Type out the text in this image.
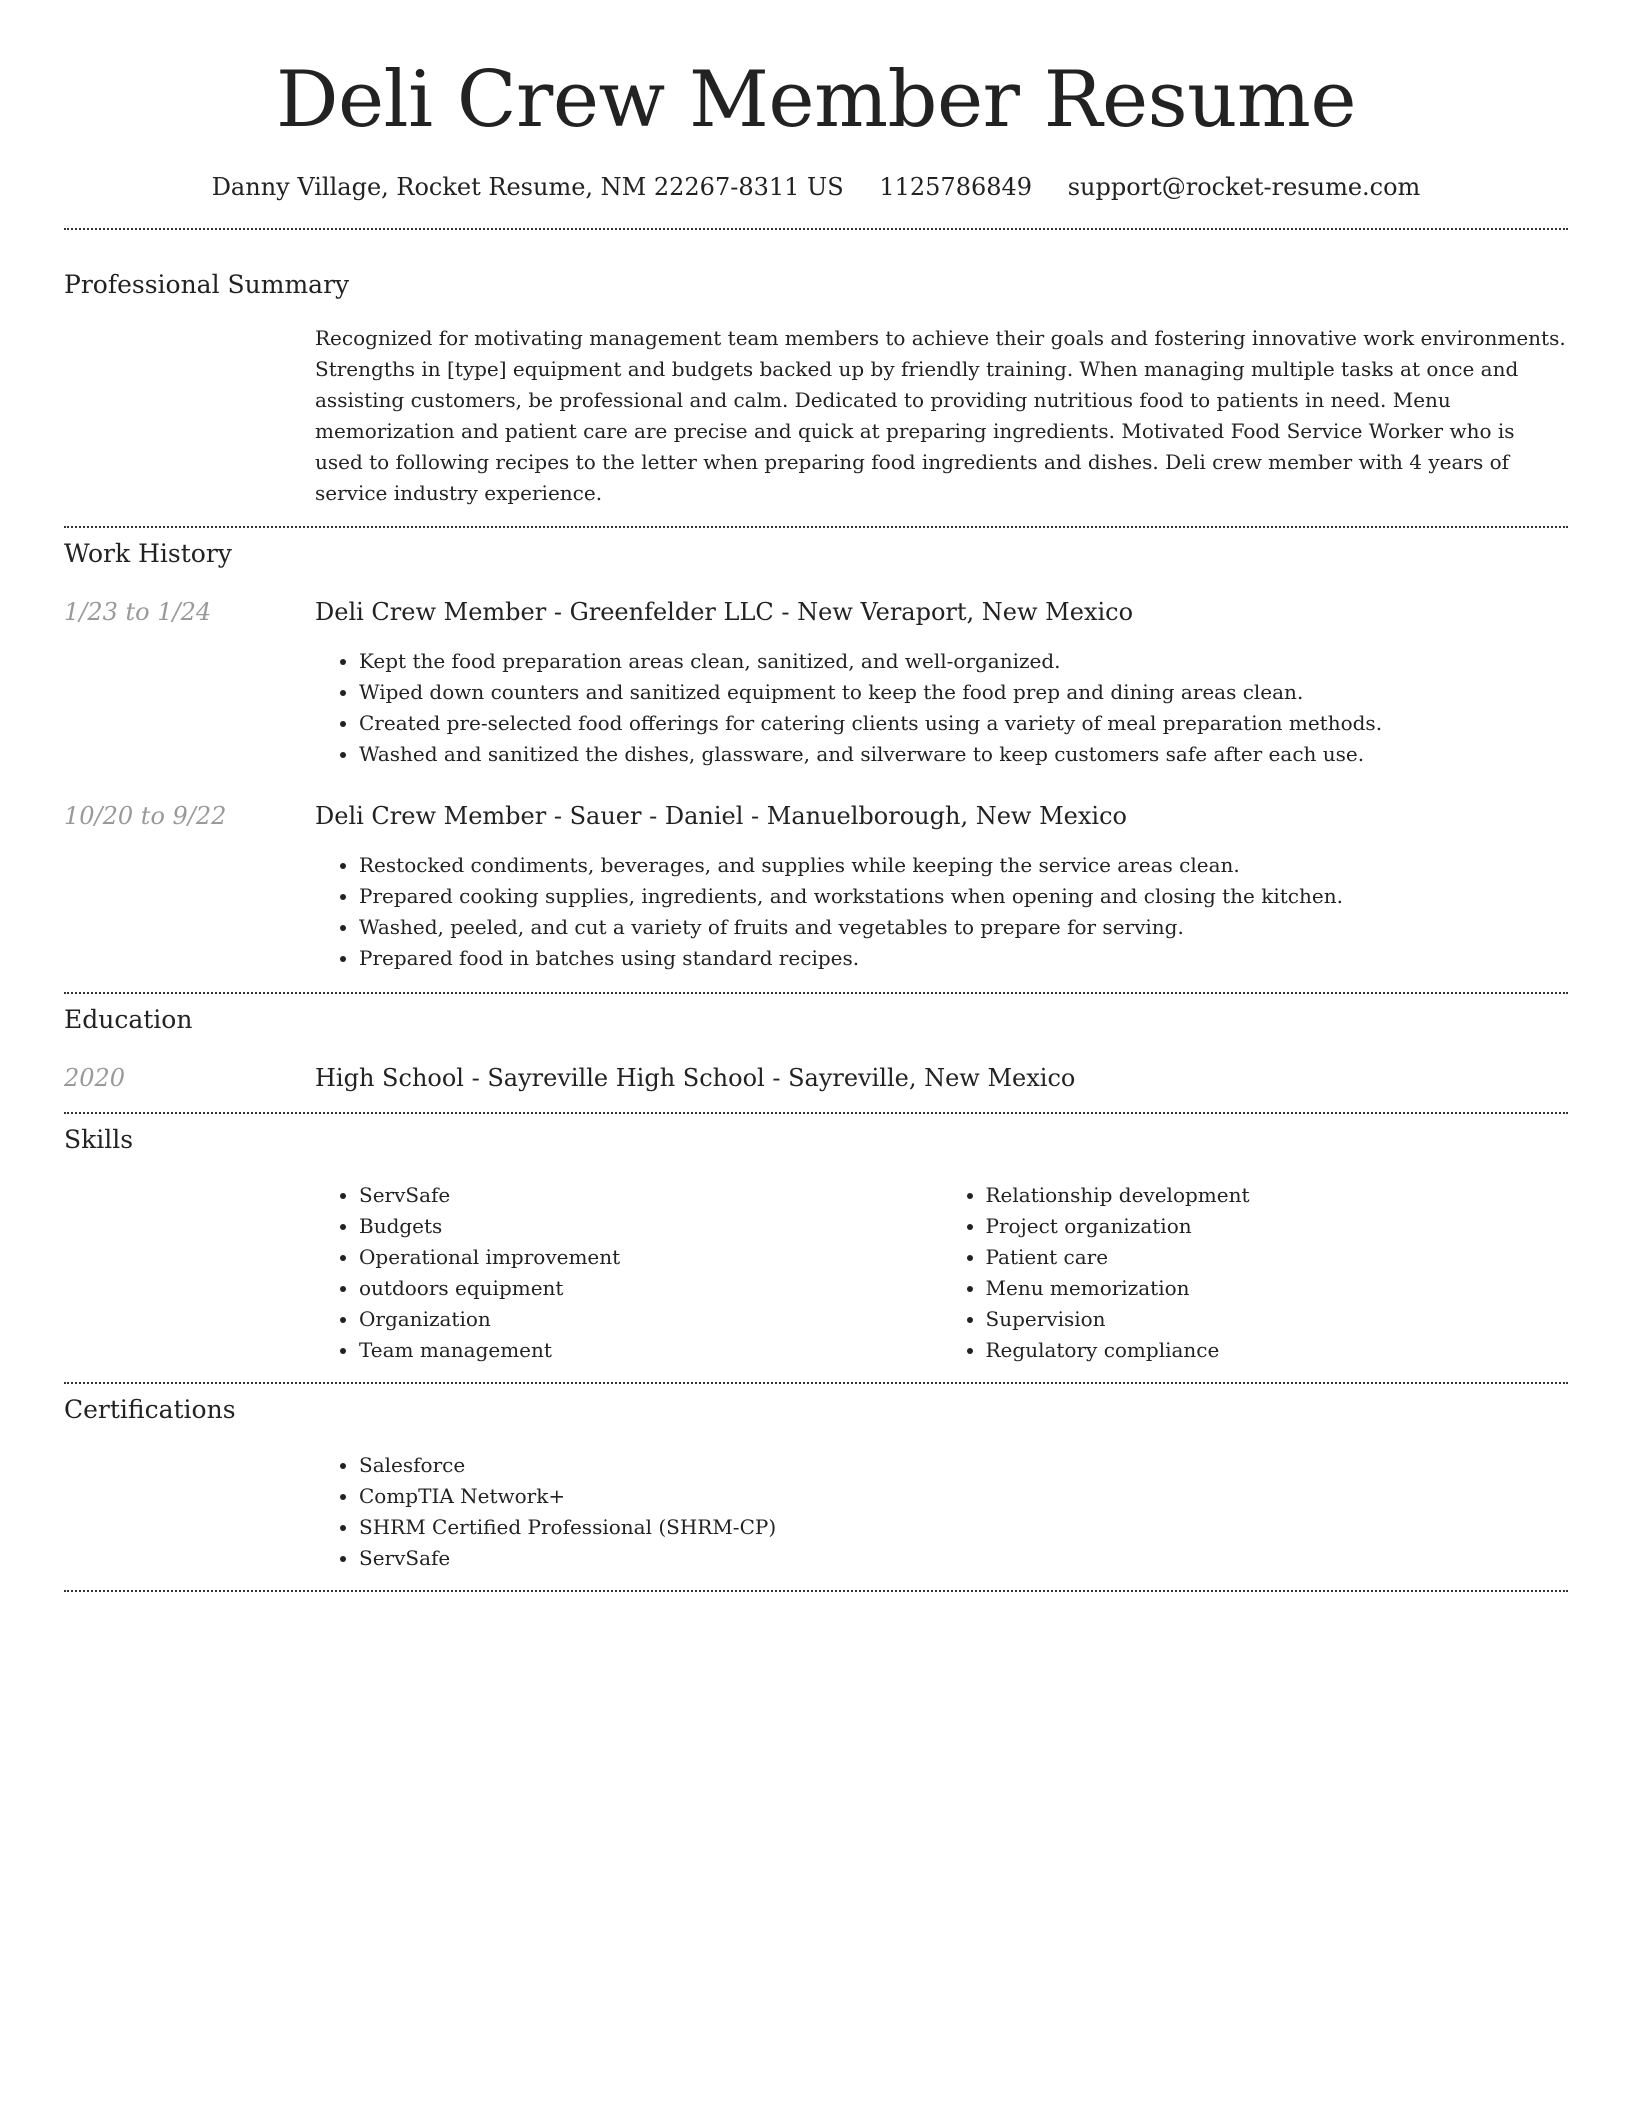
Deli Crew Member Resume
Danny Village, Rocket Resume, NM 22267-8311 US 1125786849 support@rocket-resume.com
Professional Summary

Recognized for motivating management team members to achieve their goals and fostering innovative work environments. Strengths in [type] equipment and budgets backed up by friendly training. When managing multiple tasks at once and assisting customers, be professional and calm. Dedicated to providing nutritious food to patients in need. Menu memorization and patient care are precise and quick at preparing ingredients. Motivated Food Service Worker who is used to following recipes to the letter when preparing food ingredients and dishes. Deli crew member with 4 years of service industry experience.

Work History
1/23 to 1/24	Deli Crew Member - Greenfelder LLC - New Veraport, New Mexico
• Kept the food preparation areas clean, sanitized, and well-organized.
• Wiped down counters and sanitized equipment to keep the food prep and dining areas clean.
• Created pre-selected food offerings for catering clients using a variety of meal preparation methods.
• Washed and sanitized the dishes, glassware, and silverware to keep customers safe after each use.
10/20 to 9/22	Deli Crew Member - Sauer - Daniel - Manuelborough, New Mexico
• Restocked condiments, beverages, and supplies while keeping the service areas clean.
• Prepared cooking supplies, ingredients, and workstations when opening and closing the kitchen.
• Washed, peeled, and cut a variety of fruits and vegetables to prepare for serving.
• Prepared food in batches using standard recipes.
Education
2020	High School - Sayreville High School - Sayreville, New Mexico
Skills
• ServSafe
• Budgets
• Operational improvement
• outdoors equipment
• Organization
• Team management
• Relationship development
• Project organization
• Patient care
• Menu memorization
• Supervision
• Regulatory compliance
Certifications
• Salesforce
• CompTIA Network+
• SHRM Certified Professional (SHRM-CP)
• ServSafe
